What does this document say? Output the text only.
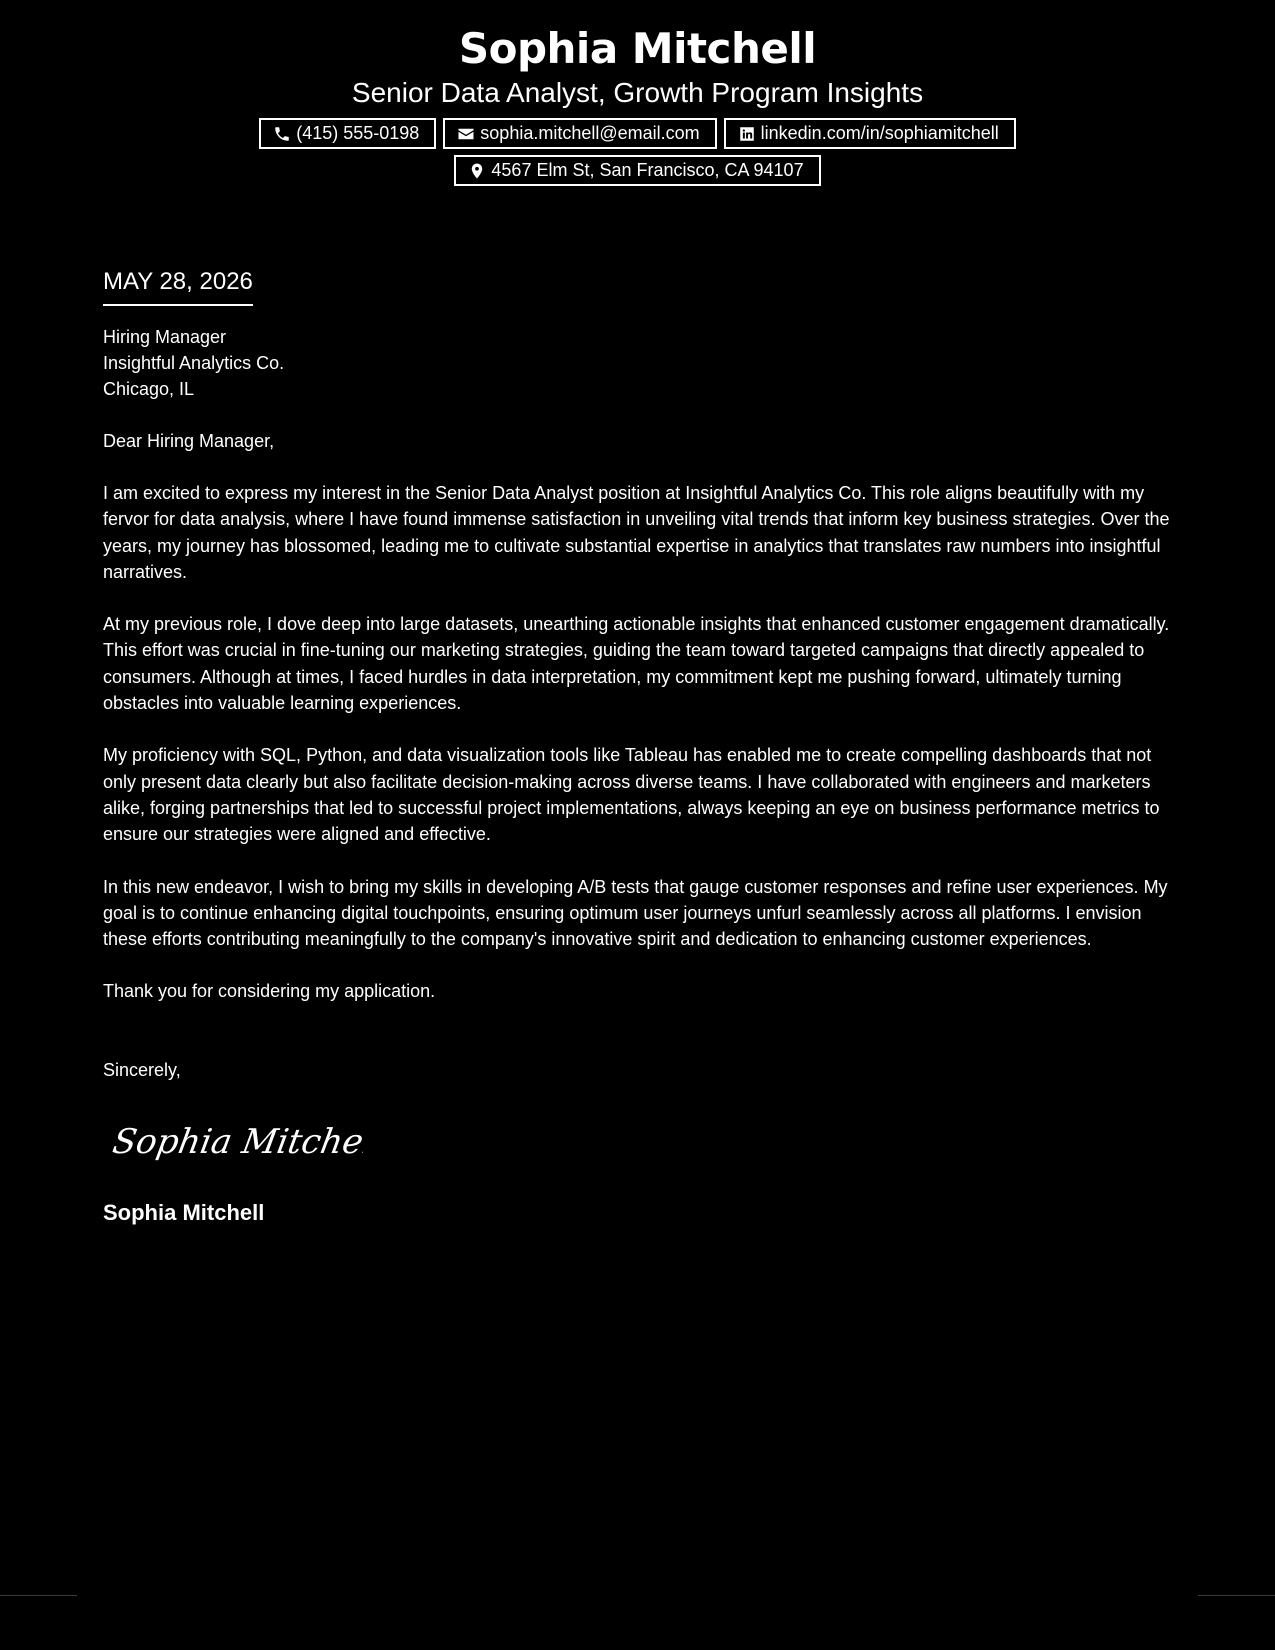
Sophia Mitchell
Senior Data Analyst, Growth Program Insights
(415) 555-0198	sophia.mitchell@email.com	linkedin.com/in/sophiamitchell
4567 Elm St, San Francisco, CA 94107
MAY 28, 2026
Hiring Manager
Insightful Analytics Co.
Chicago, IL

Dear Hiring Manager,

I am excited to express my interest in the Senior Data Analyst position at Insightful Analytics Co. This role aligns beautifully with my fervor for data analysis, where I have found immense satisfaction in unveiling vital trends that inform key business strategies. Over the years, my journey has blossomed, leading me to cultivate substantial expertise in analytics that translates raw numbers into insightful narratives.

At my previous role, I dove deep into large datasets, unearthing actionable insights that enhanced customer engagement dramatically. This effort was crucial in fine-tuning our marketing strategies, guiding the team toward targeted campaigns that directly appealed to consumers. Although at times, I faced hurdles in data interpretation, my commitment kept me pushing forward, ultimately turning obstacles into valuable learning experiences.

My proficiency with SQL, Python, and data visualization tools like Tableau has enabled me to create compelling dashboards that not only present data clearly but also facilitate decision-making across diverse teams. I have collaborated with engineers and marketers alike, forging partnerships that led to successful project implementations, always keeping an eye on business performance metrics to ensure our strategies were aligned and effective.

In this new endeavor, I wish to bring my skills in developing A/B tests that gauge customer responses and refine user experiences. My goal is to continue enhancing digital touchpoints, ensuring optimum user journeys unfurl seamlessly across all platforms. I envision these efforts contributing meaningfully to the company's innovative spirit and dedication to enhancing customer experiences.

Thank you for considering my application.

Sincerely,

Sophia Mitchell
Sophia Mitchell
